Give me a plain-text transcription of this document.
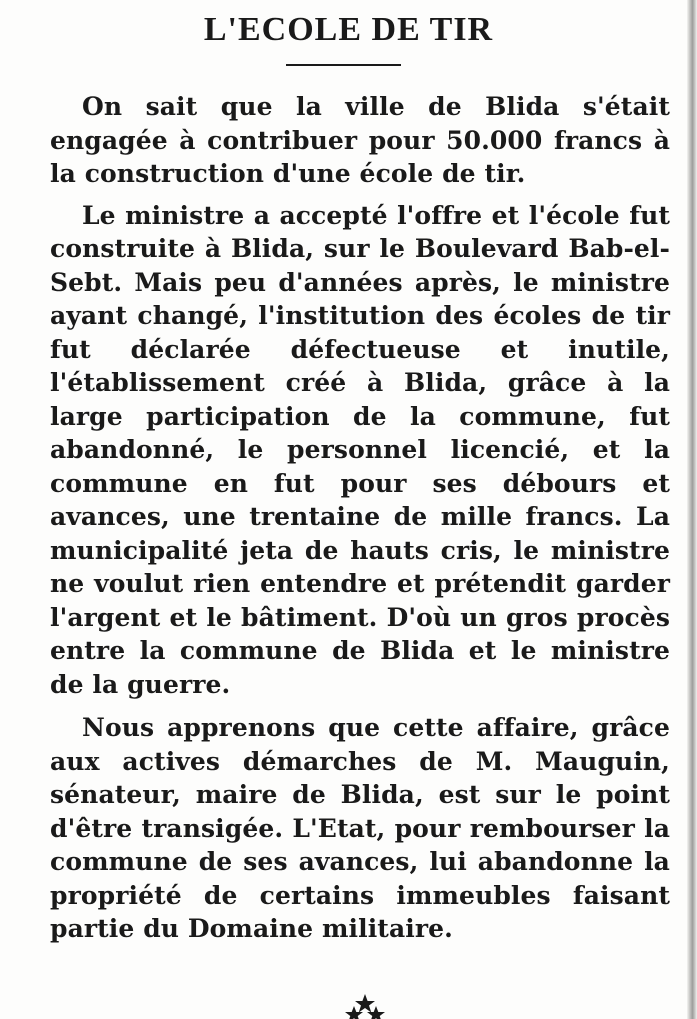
L'ECOLE DE TIR

On sait que la ville de Blida s'était engagée à contribuer pour 50.000 francs à la construction d'une école de tir.

Le ministre a accepté l'offre et l'école fut construite à Blida, sur le Boulevard Bab-el-Sebt. Mais peu d'années après, le ministre ayant changé, l'institution des écoles de tir fut déclarée défectueuse et inutile, l'établissement créé à Blida, grâce à la large participation de la commune, fut abandonné, le personnel licencié, et la commune en fut pour ses débours et avances, une trentaine de mille francs. La municipalité jeta de hauts cris, le ministre ne voulut rien entendre et prétendit garder l'argent et le bâtiment. D'où un gros procès entre la commune de Blida et le ministre de la guerre.

Nous apprenons que cette affaire, grâce aux actives démarches de M. Mauguin, sénateur, maire de Blida, est sur le point d'être transigée. L'Etat, pour rembourser la commune de ses avances, lui abandonne la propriété de certains immeubles faisant partie du Domaine militaire.
